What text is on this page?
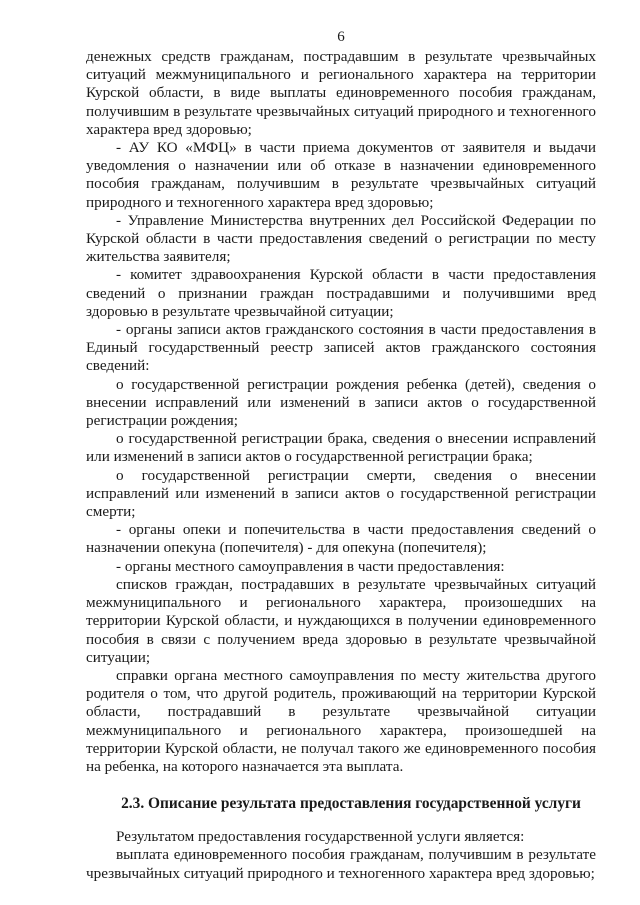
6

денежных средств гражданам, пострадавшим в результате чрезвычайных ситуаций межмуниципального и регионального характера на территории Курской области, в виде выплаты единовременного пособия гражданам, получившим в результате чрезвычайных ситуаций природного и техногенного характера вред здоровью;

- АУ КО «МФЦ» в части приема документов от заявителя и выдачи уведомления о назначении или об отказе в назначении единовременного пособия гражданам, получившим в результате чрезвычайных ситуаций природного и техногенного характера вред здоровью;

- Управление Министерства внутренних дел Российской Федерации по Курской области в части предоставления сведений о регистрации по месту жительства заявителя;

- комитет здравоохранения Курской области в части предоставления сведений о признании граждан пострадавшими и получившими вред здоровью в результате чрезвычайной ситуации;

- органы записи актов гражданского состояния в части предоставления в Единый государственный реестр записей актов гражданского состояния сведений:

о государственной регистрации рождения ребенка (детей), сведения о внесении исправлений или изменений в записи актов о государственной регистрации рождения;

о государственной регистрации брака, сведения о внесении исправлений или изменений в записи актов о государственной регистрации брака;

о государственной регистрации смерти, сведения о внесении исправлений или изменений в записи актов о государственной регистрации смерти;

- органы опеки и попечительства в части предоставления сведений о назначении опекуна (попечителя) - для опекуна (попечителя);

- органы местного самоуправления в части предоставления:

списков граждан, пострадавших в результате чрезвычайных ситуаций межмуниципального и регионального характера, произошедших на территории Курской области, и нуждающихся в получении единовременного пособия в связи с получением вреда здоровью в результате чрезвычайной ситуации;

справки органа местного самоуправления по месту жительства другого родителя о том, что другой родитель, проживающий на территории Курской области, пострадавший в результате чрезвычайной ситуации межмуниципального и регионального характера, произошедшей на территории Курской области, не получал такого же единовременного пособия на ребенка, на которого назначается эта выплата.

2.3. Описание результата предоставления государственной услуги

Результатом предоставления государственной услуги является:

выплата единовременного пособия гражданам, получившим в результате чрезвычайных ситуаций природного и техногенного характера вред здоровью;
